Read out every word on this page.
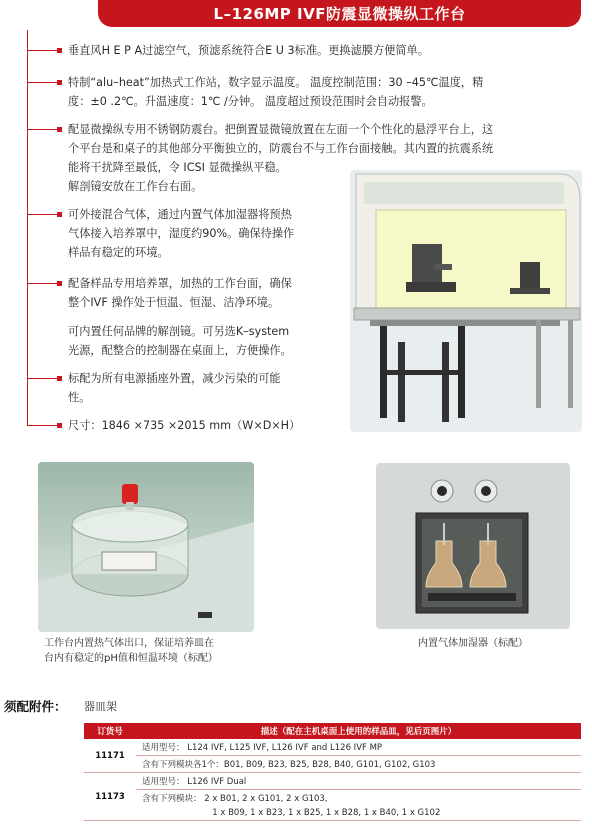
L–126MP IVF防震显微操纵工作台
垂直风H E P A过滤空气，预滤系统符合E U 3标准。更换滤膜方便简单。
特制“alu–heat”加热式工作站，数字显示温度。 温度控制范围：30 –45℃温度，精
度：±0 .2℃。升温速度：1℃ /分钟。 温度超过预设范围时会自动报警。
配显微操纵专用不锈钢防震台。把倒置显微镜放置在左面一个个性化的悬浮平台上，这
个平台是和桌子的其他部分平衡独立的，防震台不与工作台面接触。其内置的抗震系统
能将干扰降至最低，令 ICSI 显微操纵平稳。
解剖镜安放在工作台右面。
可外接混合气体，通过内置气体加湿器将预热
气体接入培养罩中，湿度约90%。确保待操作
样品有稳定的环境。
配备样品专用培养罩，加热的工作台面，确保
整个IVF 操作处于恒温、恒湿、洁净环境。
可内置任何品牌的解剖镜。可另选K–system
光源，配整合的控制器在桌面上，方便操作。
标配为所有电源插座外置，减少污染的可能
性。
尺寸：1846 ×735 ×2015 mm（W×D×H）
工作台内置热气体出口，保证培养皿在
台内有稳定的pH值和恒温环境（标配）
内置气体加湿器（标配）
须配附件： 器皿架
订货号	描述（配在主机桌面上使用的样品皿，见后页图片）
11171	适用型号： L124 IVF, L125 IVF, L126 IVF and L126 IVF MP
	含有下列模块各1个：B01, B09, B23, B25, B28, B40, G101, G102, G103
11173	适用型号： L126 IVF Dual
	含有下列模块： 2 x B01, 2 x G101, 2 x G103,
	1 x B09, 1 x B23, 1 x B25, 1 x B28, 1 x B40, 1 x G102
